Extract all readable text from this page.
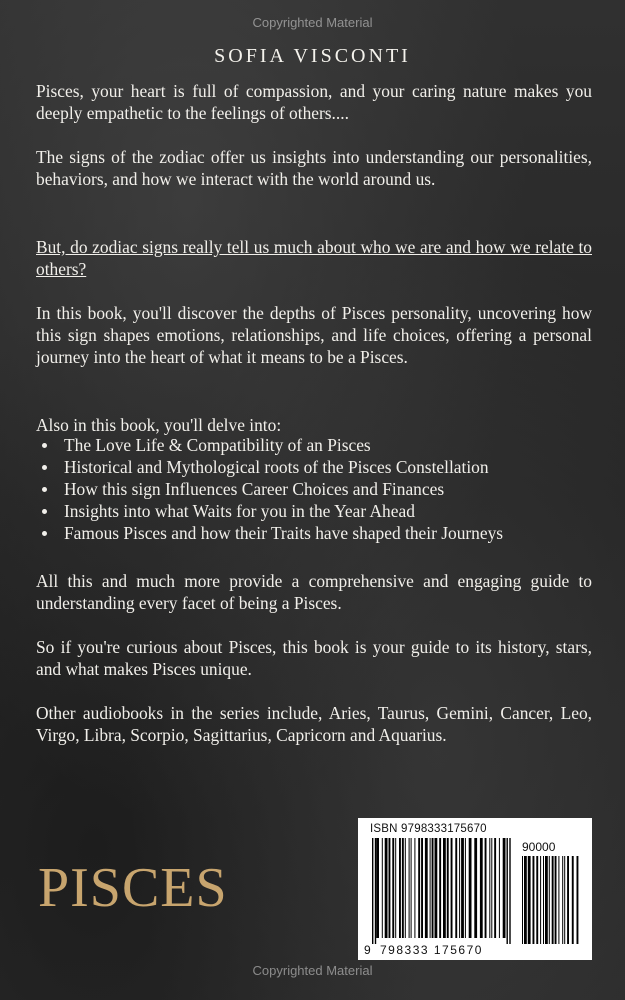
Copyrighted Material
SOFIA VISCONTI

Pisces, your heart is full of compassion, and your caring nature makes you deeply empathetic to the feelings of others....

The signs of the zodiac offer us insights into understanding our personalities, behaviors, and how we interact with the world around us.

But, do zodiac signs really tell us much about who we are and how we relate to others?

In this book, you'll discover the depths of Pisces personality, uncovering how this sign shapes emotions, relationships, and life choices, offering a personal journey into the heart of what it means to be a Pisces.

Also in this book, you'll delve into:

The Love Life & Compatibility of an Pisces
Historical and Mythological roots of the Pisces Constellation
How this sign Influences Career Choices and Finances
Insights into what Waits for you in the Year Ahead
Famous Pisces and how their Traits have shaped their Journeys

All this and much more provide a comprehensive and engaging guide to understanding every facet of being a Pisces.

So if you're curious about Pisces, this book is your guide to its history, stars, and what makes Pisces unique.

Other audiobooks in the series include, Aries, Taurus, Gemini, Cancer, Leo, Virgo, Libra, Scorpio, Sagittarius, Capricorn and Aquarius.

PISCES
ISBN 9798333175670
90000
9 798333 175670
Copyrighted Material
